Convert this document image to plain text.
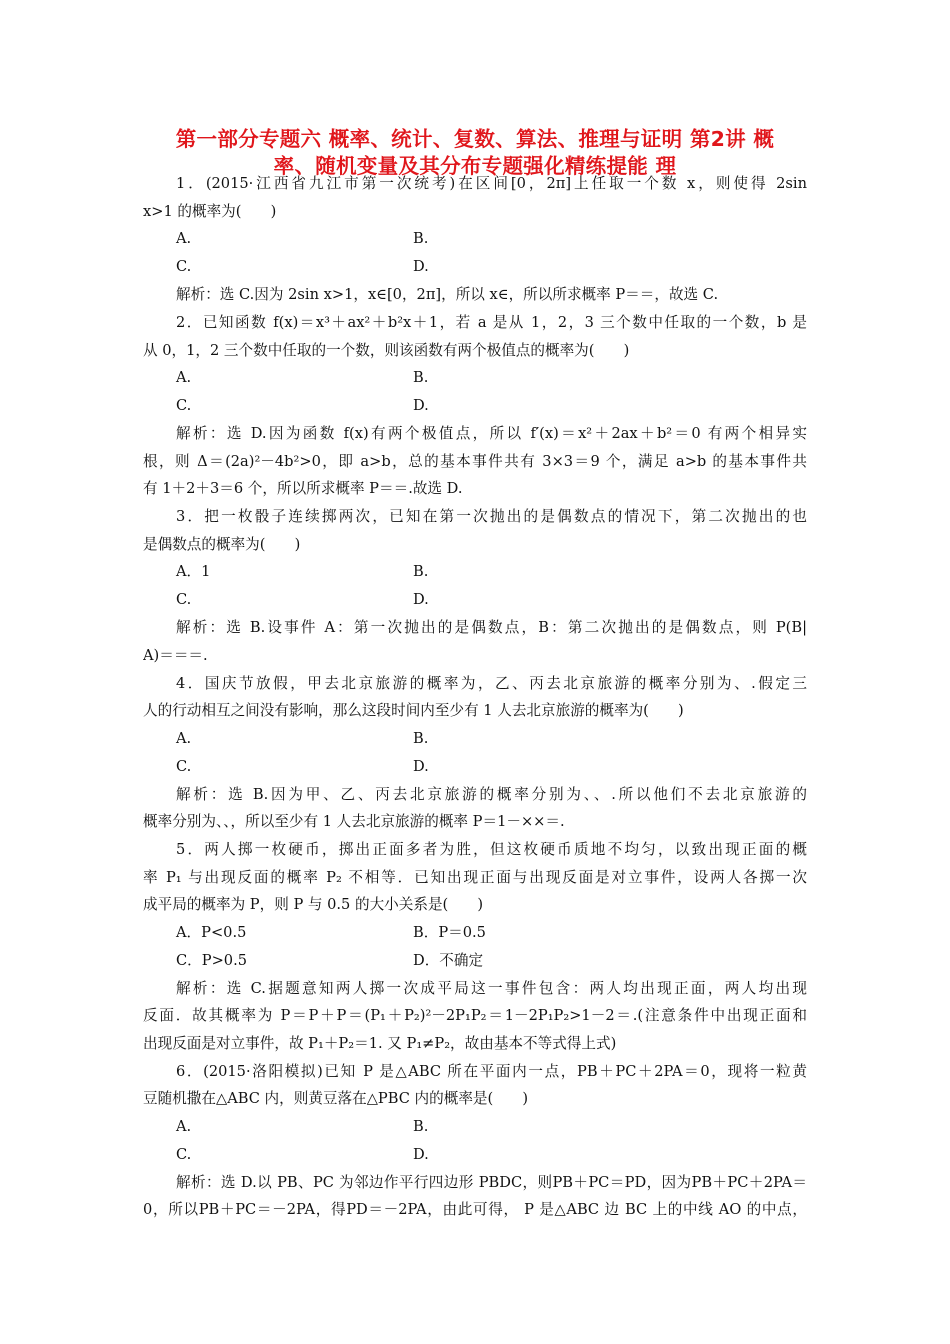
第一部分专题六 概率、统计、复数、算法、推理与证明 第2讲 概
率、随机变量及其分布专题强化精练提能 理
1．(2015·江西省九江市第一次统考)在区间[0，2π]上任取一个数 x，则使得 2sin
x>1 的概率为(　　)
A.	B.
C.	D.
解析：选 C.因为 2sin x>1，x∈[0，2π]，所以 x∈，所以所求概率 P＝＝，故选 C.
2．已知函数 f(x)＝x³＋ax²＋b²x＋1，若 a 是从 1，2，3 三个数中任取的一个数，b 是
从 0，1，2 三个数中任取的一个数，则该函数有两个极值点的概率为(　　)
A.	B.
C.	D.
解析：选 D.因为函数 f(x)有两个极值点，所以 f′(x)＝x²＋2ax＋b²＝0 有两个相异实
根，则 Δ＝(2a)²－4b²>0，即 a>b，总的基本事件共有 3×3＝9 个，满足 a>b 的基本事件共
有 1＋2＋3＝6 个，所以所求概率 P＝＝.故选 D.
3．把一枚骰子连续掷两次，已知在第一次抛出的是偶数点的情况下，第二次抛出的也
是偶数点的概率为(　　)
A．1	B.
C.	D.
解析：选 B.设事件 A：第一次抛出的是偶数点，B：第二次抛出的是偶数点，则 P(B|
A)＝＝＝.
4．国庆节放假，甲去北京旅游的概率为，乙、丙去北京旅游的概率分别为、.假定三
人的行动相互之间没有影响，那么这段时间内至少有 1 人去北京旅游的概率为(　　)
A.	B.
C.	D.
解析：选 B.因为甲、乙、丙去北京旅游的概率分别为、、.所以他们不去北京旅游的
概率分别为、、，所以至少有 1 人去北京旅游的概率 P＝1－××＝.
5．两人掷一枚硬币，掷出正面多者为胜，但这枚硬币质地不均匀，以致出现正面的概
率 P₁ 与出现反面的概率 P₂ 不相等．已知出现正面与出现反面是对立事件，设两人各掷一次
成平局的概率为 P，则 P 与 0.5 的大小关系是(　　)
A．P<0.5	B．P＝0.5
C．P>0.5	D．不确定
解析：选 C.据题意知两人掷一次成平局这一事件包含：两人均出现正面，两人均出现
反面．故其概率为 P＝P＋P＝(P₁＋P₂)²－2P₁P₂＝1－2P₁P₂>1－2＝.(注意条件中出现正面和
出现反面是对立事件，故 P₁＋P₂＝1. 又 P₁≠P₂，故由基本不等式得上式)
6．(2015·洛阳模拟)已知 P 是△ABC 所在平面内一点，PB＋PC＋2PA＝0，现将一粒黄
豆随机撒在△ABC 内，则黄豆落在△PBC 内的概率是(　　)
A.	B.
C.	D.
解析：选 D.以 PB、PC 为邻边作平行四边形 PBDC，则PB＋PC＝PD，因为PB＋PC＋2PA＝
0，所以PB＋PC＝－2PA，得PD＝－2PA，由此可得， P 是△ABC 边 BC 上的中线 AO 的中点，
